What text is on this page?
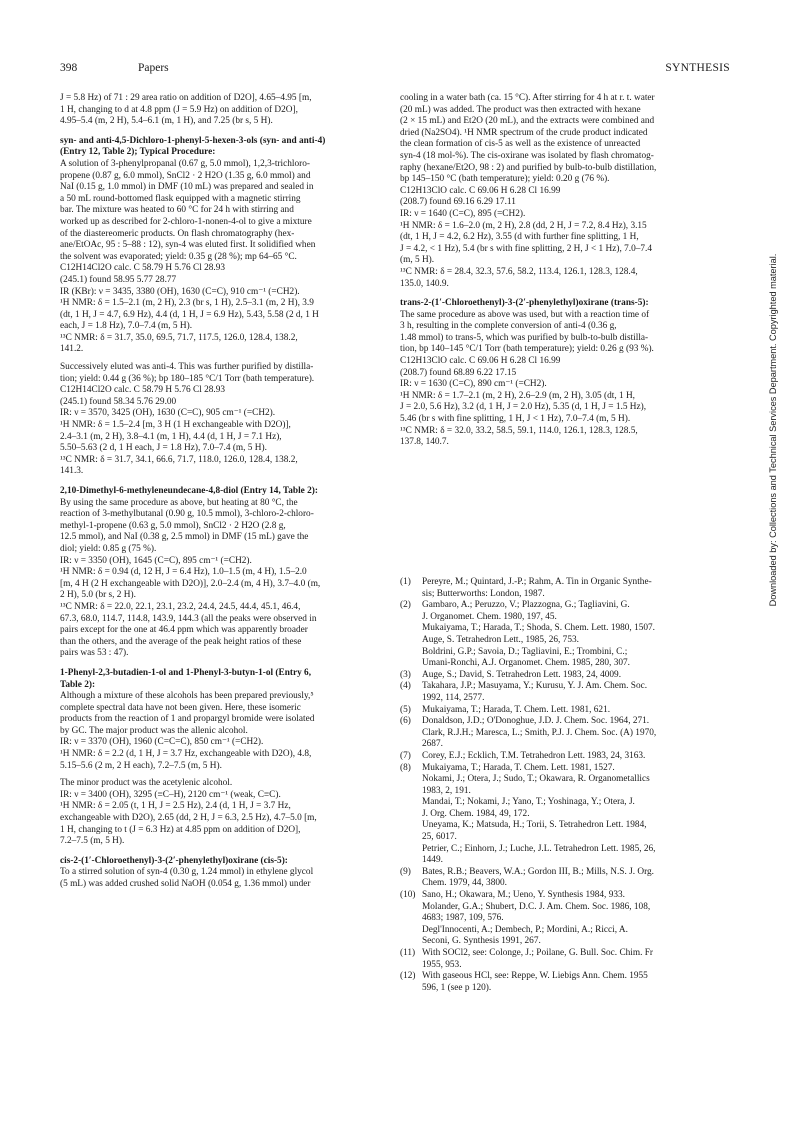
398	Papers	SYNTHESIS

J = 5.8 Hz) of 71 : 29 area ratio on addition of D2O], 4.65–4.95 [m,

1 H, changing to d at 4.8 ppm (J = 5.9 Hz) on addition of D2O],

4.95–5.4 (m, 2 H), 5.4–6.1 (m, 1 H), and 7.25 (br s, 5 H).

syn- and anti-4,5-Dichloro-1-phenyl-5-hexen-3-ols (syn- and anti-4)

(Entry 12, Table 2); Typical Procedure:

A solution of 3-phenylpropanal (0.67 g, 5.0 mmol), 1,2,3-trichloro-

propene (0.87 g, 6.0 mmol), SnCl2 · 2 H2O (1.35 g, 6.0 mmol) and

NaI (0.15 g, 1.0 mmol) in DMF (10 mL) was prepared and sealed in

a 50 mL round-bottomed flask equipped with a magnetic stirring

bar. The mixture was heated to 60 °C for 24 h with stirring and

worked up as described for 2-chloro-1-nonen-4-ol to give a mixture

of the diastereomeric products. On flash chromatography (hex-

ane/EtOAc, 95 : 5–88 : 12), syn-4 was eluted first. It solidified when

the solvent was evaporated; yield: 0.35 g (28 %); mp 64–65 °C.

C12H14Cl2O calc. C 58.79 H 5.76 Cl 28.93

(245.1) found 58.95 5.77 28.77

IR (KBr): ν = 3435, 3380 (OH), 1630 (C=C), 910 cm⁻¹ (=CH2).

¹H NMR: δ = 1.5–2.1 (m, 2 H), 2.3 (br s, 1 H), 2.5–3.1 (m, 2 H), 3.9

(dt, 1 H, J = 4.7, 6.9 Hz), 4.4 (d, 1 H, J = 6.9 Hz), 5.43, 5.58 (2 d, 1 H

each, J = 1.8 Hz), 7.0–7.4 (m, 5 H).

¹³C NMR: δ = 31.7, 35.0, 69.5, 71.7, 117.5, 126.0, 128.4, 138.2,

141.2.

Successively eluted was anti-4. This was further purified by distilla-

tion; yield: 0.44 g (36 %); bp 180–185 °C/1 Torr (bath temperature).

C12H14Cl2O calc. C 58.79 H 5.76 Cl 28.93

(245.1) found 58.34 5.76 29.00

IR: ν = 3570, 3425 (OH), 1630 (C=C), 905 cm⁻¹ (=CH2).

¹H NMR: δ = 1.5–2.4 [m, 3 H (1 H exchangeable with D2O)],

2.4–3.1 (m, 2 H), 3.8–4.1 (m, 1 H), 4.4 (d, 1 H, J = 7.1 Hz),

5.50–5.63 (2 d, 1 H each, J = 1.8 Hz), 7.0–7.4 (m, 5 H).

¹³C NMR: δ = 31.7, 34.1, 66.6, 71.7, 118.0, 126.0, 128.4, 138.2,

141.3.

2,10-Dimethyl-6-methyleneundecane-4,8-diol (Entry 14, Table 2):

By using the same procedure as above, but heating at 80 °C, the

reaction of 3-methylbutanal (0.90 g, 10.5 mmol), 3-chloro-2-chloro-

methyl-1-propene (0.63 g, 5.0 mmol), SnCl2 · 2 H2O (2.8 g,

12.5 mmol), and NaI (0.38 g, 2.5 mmol) in DMF (15 mL) gave the

diol; yield: 0.85 g (75 %).

IR: ν = 3350 (OH), 1645 (C=C), 895 cm⁻¹ (=CH2).

¹H NMR: δ = 0.94 (d, 12 H, J = 6.4 Hz), 1.0–1.5 (m, 4 H), 1.5–2.0

[m, 4 H (2 H exchangeable with D2O)], 2.0–2.4 (m, 4 H), 3.7–4.0 (m,

2 H), 5.0 (br s, 2 H).

¹³C NMR: δ = 22.0, 22.1, 23.1, 23.2, 24.4, 24.5, 44.4, 45.1, 46.4,

67.3, 68.0, 114.7, 114.8, 143.9, 144.3 (all the peaks were observed in

pairs except for the one at 46.4 ppm which was apparently broader

than the others, and the average of the peak height ratios of these

pairs was 53 : 47).

1-Phenyl-2,3-butadien-1-ol and 1-Phenyl-3-butyn-1-ol (Entry 6,

Table 2):

Although a mixture of these alcohols has been prepared previously,⁵

complete spectral data have not been given. Here, these isomeric

products from the reaction of 1 and propargyl bromide were isolated

by GC. The major product was the allenic alcohol.

IR: ν = 3370 (OH), 1960 (C=C=C), 850 cm⁻¹ (=CH2).

¹H NMR: δ = 2.2 (d, 1 H, J = 3.7 Hz, exchangeable with D2O), 4.8,

5.15–5.6 (2 m, 2 H each), 7.2–7.5 (m, 5 H).

The minor product was the acetylenic alcohol.

IR: ν = 3400 (OH), 3295 (≡C–H), 2120 cm⁻¹ (weak, C≡C).

¹H NMR: δ = 2.05 (t, 1 H, J = 2.5 Hz), 2.4 (d, 1 H, J = 3.7 Hz,

exchangeable with D2O), 2.65 (dd, 2 H, J = 6.3, 2.5 Hz), 4.7–5.0 [m,

1 H, changing to t (J = 6.3 Hz) at 4.85 ppm on addition of D2O],

7.2–7.5 (m, 5 H).

cis-2-(1′-Chloroethenyl)-3-(2′-phenylethyl)oxirane (cis-5):

To a stirred solution of syn-4 (0.30 g, 1.24 mmol) in ethylene glycol

(5 mL) was added crushed solid NaOH (0.054 g, 1.36 mmol) under

cooling in a water bath (ca. 15 °C). After stirring for 4 h at r. t. water

(20 mL) was added. The product was then extracted with hexane

(2 × 15 mL) and Et2O (20 mL), and the extracts were combined and

dried (Na2SO4). ¹H NMR spectrum of the crude product indicated

the clean formation of cis-5 as well as the existence of unreacted

syn-4 (18 mol-%). The cis-oxirane was isolated by flash chromatog-

raphy (hexane/Et2O, 98 : 2) and purified by bulb-to-bulb distillation,

bp 145–150 °C (bath temperature); yield: 0.20 g (76 %).

C12H13ClO calc. C 69.06 H 6.28 Cl 16.99

(208.7) found 69.16 6.29 17.11

IR: ν = 1640 (C=C), 895 (=CH2).

¹H NMR: δ = 1.6–2.0 (m, 2 H), 2.8 (dd, 2 H, J = 7.2, 8.4 Hz), 3.15

(dt, 1 H, J = 4.2, 6.2 Hz), 3.55 (d with further fine splitting, 1 H,

J = 4.2, < 1 Hz), 5.4 (br s with fine splitting, 2 H, J < 1 Hz), 7.0–7.4

(m, 5 H).

¹³C NMR: δ = 28.4, 32.3, 57.6, 58.2, 113.4, 126.1, 128.3, 128.4,

135.0, 140.9.

trans-2-(1′-Chloroethenyl)-3-(2′-phenylethyl)oxirane (trans-5):

The same procedure as above was used, but with a reaction time of

3 h, resulting in the complete conversion of anti-4 (0.36 g,

1.48 mmol) to trans-5, which was purified by bulb-to-bulb distilla-

tion, bp 140–145 °C/1 Torr (bath temperature); yield: 0.26 g (93 %).

C12H13ClO calc. C 69.06 H 6.28 Cl 16.99

(208.7) found 68.89 6.22 17.15

IR: ν = 1630 (C=C), 890 cm⁻¹ (=CH2).

¹H NMR: δ = 1.7–2.1 (m, 2 H), 2.6–2.9 (m, 2 H), 3.05 (dt, 1 H,

J = 2.0, 5.6 Hz), 3.2 (d, 1 H, J = 2.0 Hz), 5.35 (d, 1 H, J = 1.5 Hz),

5.46 (br s with fine splitting, 1 H, J < 1 Hz), 7.0–7.4 (m, 5 H).

¹³C NMR: δ = 32.0, 33.2, 58.5, 59.1, 114.0, 126.1, 128.3, 128.5,

137.8, 140.7.

(1) Pereyre, M.; Quintard, J.-P.; Rahm, A. Tin in Organic Synthe-
sis; Butterworths: London, 1987.
(2) Gambaro, A.; Peruzzo, V.; Plazzogna, G.; Tagliavini, G.
J. Organomet. Chem. 1980, 197, 45.
Mukaiyama, T.; Harada, T.; Shoda, S. Chem. Lett. 1980, 1507.
Auge, S. Tetrahedron Lett., 1985, 26, 753.
Boldrini, G.P.; Savoia, D.; Tagliavini, E.; Trombini, C.;
Umani-Ronchi, A.J. Organomet. Chem. 1985, 280, 307.
(3) Auge, S.; David, S. Tetrahedron Lett. 1983, 24, 4009.
(4) Takahara, J.P.; Masuyama, Y.; Kurusu, Y. J. Am. Chem. Soc.
1992, 114, 2577.
(5) Mukaiyama, T.; Harada, T. Chem. Lett. 1981, 621.
(6) Donaldson, J.D.; O'Donoghue, J.D. J. Chem. Soc. 1964, 271.
Clark, R.J.H.; Maresca, L.; Smith, P.J. J. Chem. Soc. (A) 1970,
2687.
(7) Corey, E.J.; Ecklich, T.M. Tetrahedron Lett. 1983, 24, 3163.
(8) Mukaiyama, T.; Harada, T. Chem. Lett. 1981, 1527.
Nokami, J.; Otera, J.; Sudo, T.; Okawara, R. Organometallics
1983, 2, 191.
Mandai, T.; Nokami, J.; Yano, T.; Yoshinaga, Y.; Otera, J.
J. Org. Chem. 1984, 49, 172.
Uneyama, K.; Matsuda, H.; Torii, S. Tetrahedron Lett. 1984,
25, 6017.
Petrier, C.; Einhorn, J.; Luche, J.L. Tetrahedron Lett. 1985, 26,
1449.
(9) Bates, R.B.; Beavers, W.A.; Gordon III, B.; Mills, N.S. J. Org.
Chem. 1979, 44, 3800.
(10) Sano, H.; Okawara, M.; Ueno, Y. Synthesis 1984, 933.
Molander, G.A.; Shubert, D.C. J. Am. Chem. Soc. 1986, 108,
4683; 1987, 109, 576.
Degl'Innocenti, A.; Dembech, P.; Mordini, A.; Ricci, A.
Seconi, G. Synthesis 1991, 267.
(11) With SOCl2, see: Colonge, J.; Poilane, G. Bull. Soc. Chim. Fr
1955, 953.
(12) With gaseous HCl, see: Reppe, W. Liebigs Ann. Chem. 1955
596, 1 (see p 120).
Downloaded by: Collections and Technical Services Department. Copyrighted material.
